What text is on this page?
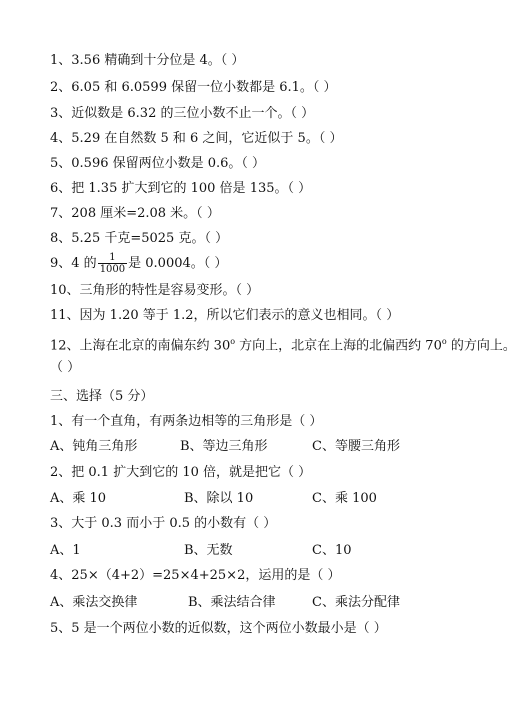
1、3.56 精确到十分位是 4。（ ）
2、6.05 和 6.0599 保留一位小数都是 6.1。（ ）
3、近似数是 6.32 的三位小数不止一个。（ ）
4、5.29 在自然数 5 和 6 之间，它近似于 5。（ ）
5、0.596 保留两位小数是 0.6。（ ）
6、把 1.35 扩大到它的 100 倍是 135。（ ）
7、208 厘米=2.08 米。（ ）
8、5.25 千克=5025 克。（ ）
9、4 的 $\frac{1}{1000}$ 是 0.0004。（ ）
10、三角形的特性是容易变形。（ ）
11、因为 1.20 等于 1.2，所以它们表示的意义也相同。（ ）
12、上海在北京的南偏东约 30$^o$ 方向上，北京在上海的北偏西约 70$^o$ 的方向上。
（ ）
三、选择（5 分）
1、有一个直角，有两条边相等的三角形是（ ）
A、钝角三角形	B、等边三角形	C、等腰三角形
2、把 0.1 扩大到它的 10 倍，就是把它（ ）
A、乘 10	B、除以 10	C、乘 100
3、大于 0.3 而小于 0.5 的小数有（ ）
A、1	B、无数	C、10
4、25×（4+2）=25×4+25×2，运用的是（ ）
A、乘法交换律	B、乘法结合律	C、乘法分配律
5、5 是一个两位小数的近似数，这个两位小数最小是（ ）
